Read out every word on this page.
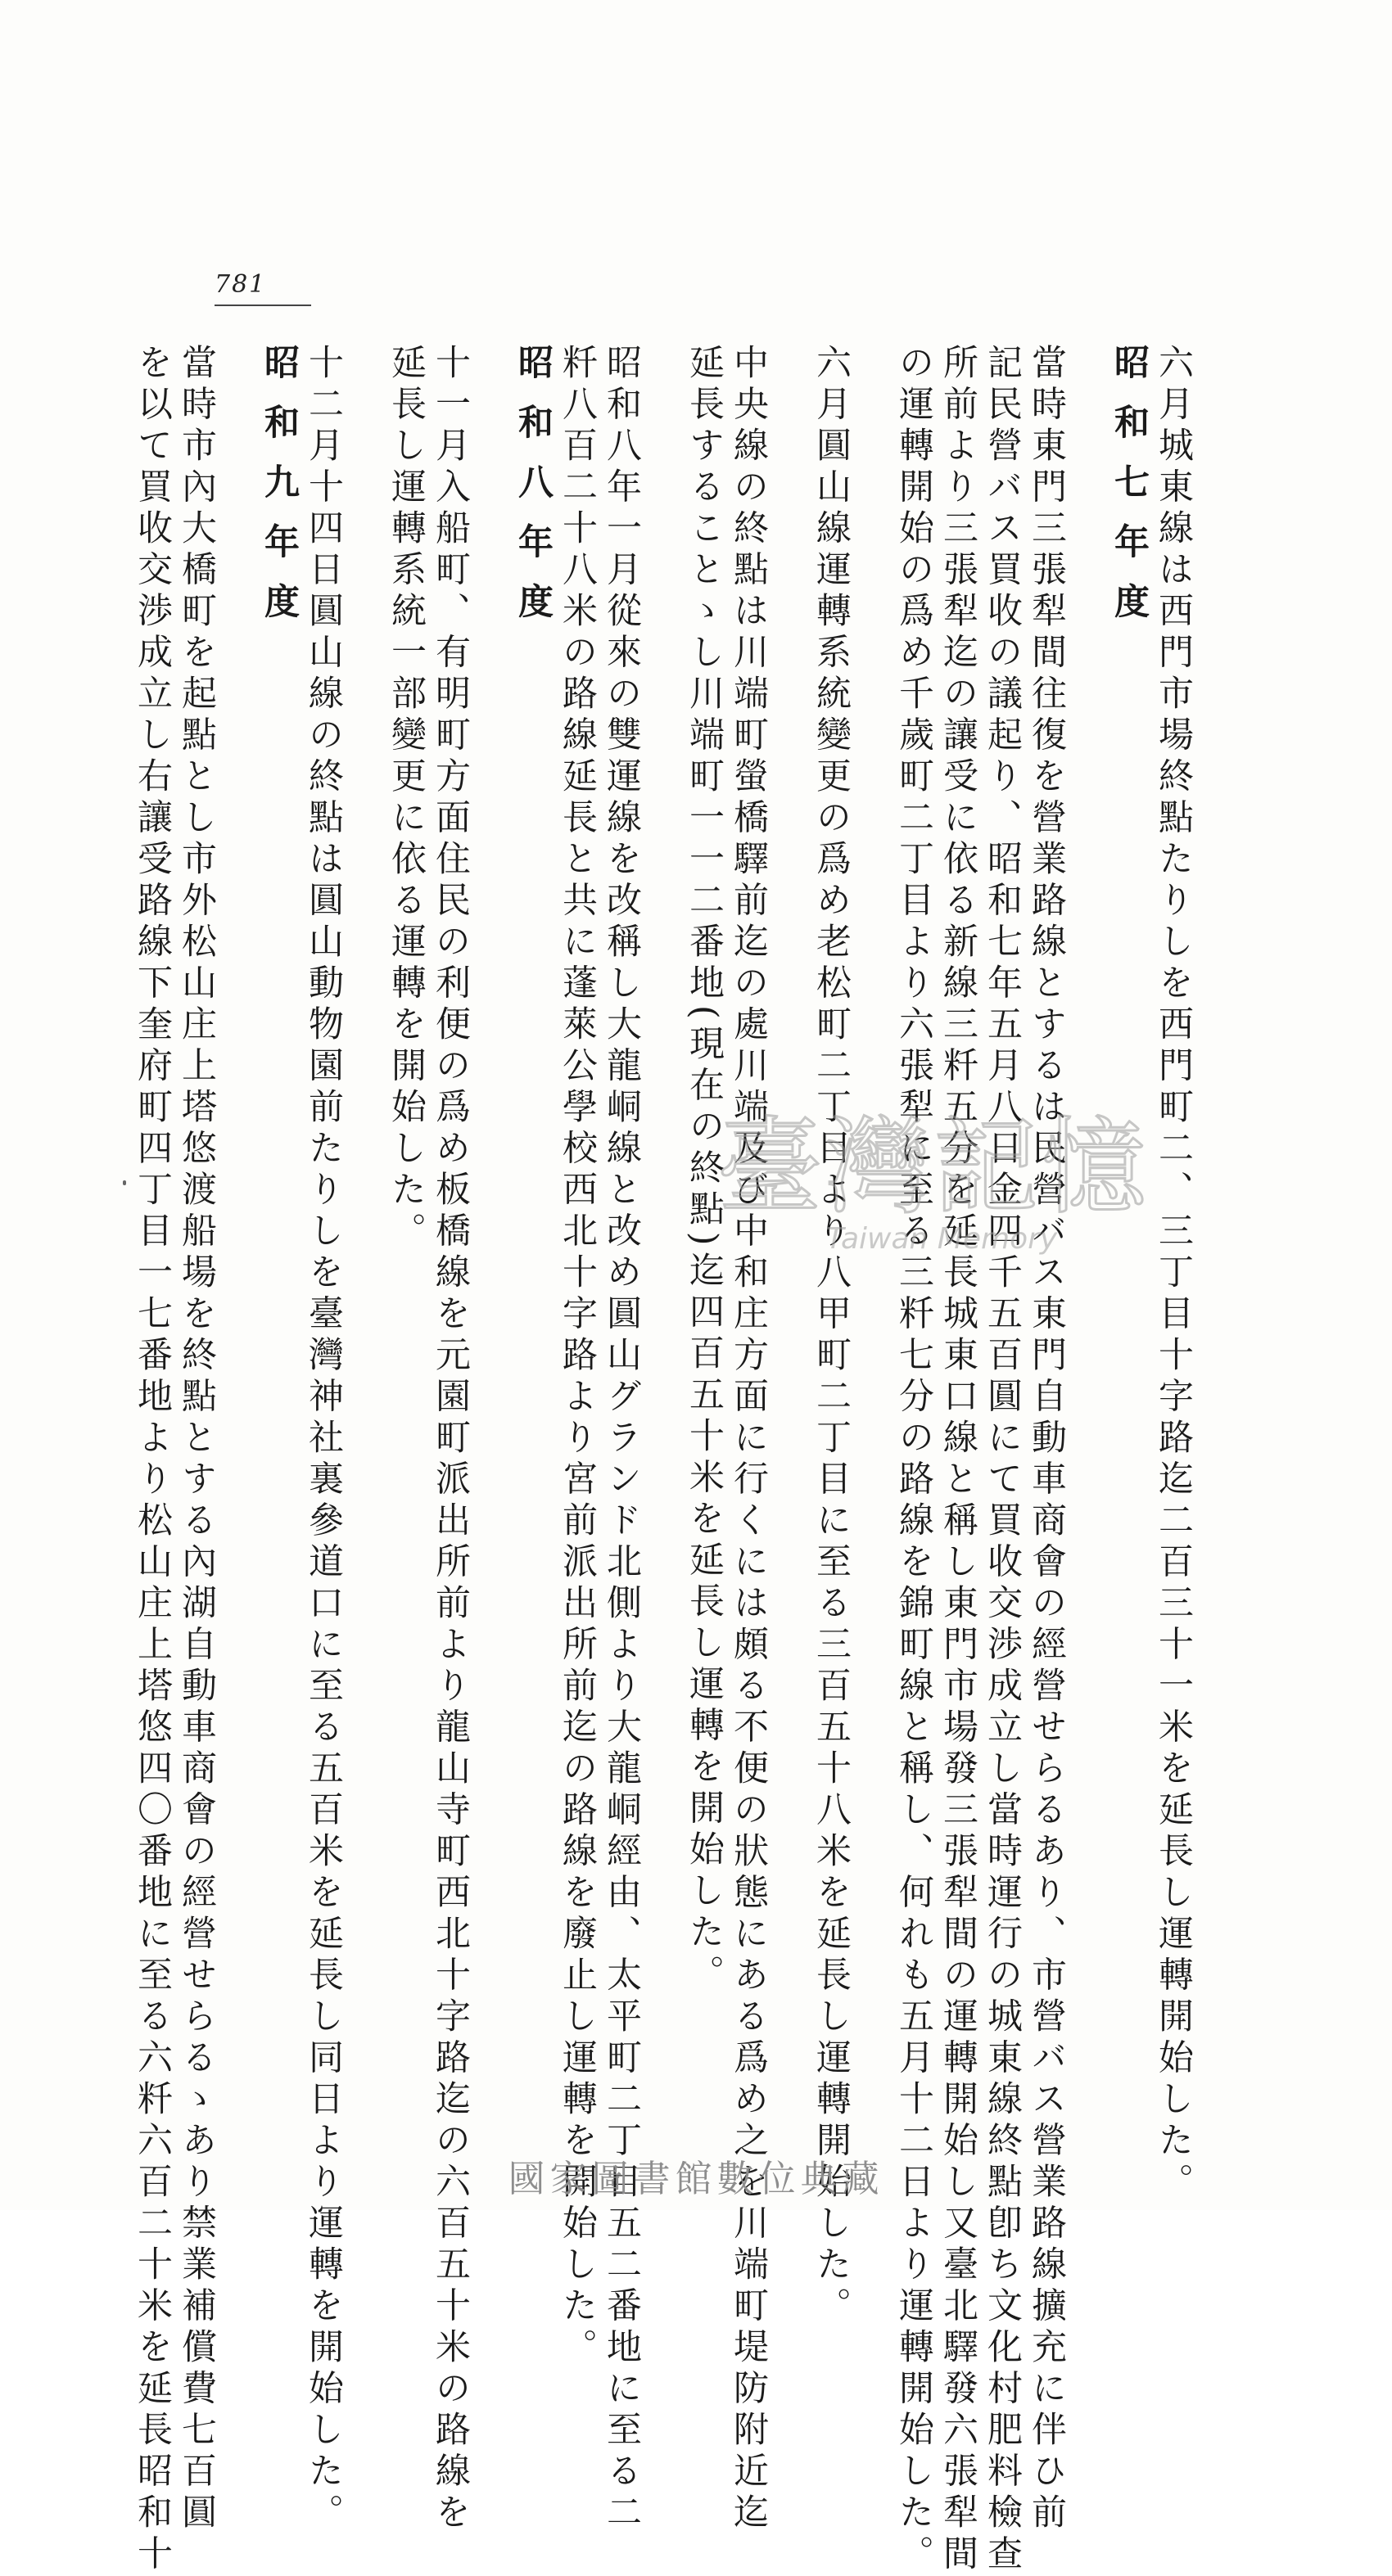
781

六月城東線は西門市場終點たりしを西門町二、三丁目十字路迄二百三十一米を延長し運轉開始した。

昭和七年度

當時東門三張犁間往復を營業路線とするは民營バス東門自動車商會の經營せらるあり、市營バス營業路線擴充に伴ひ前

記民營バス買收の議起り、昭和七年五月八日金四千五百圓にて買收交渉成立し當時運行の城東線終點卽ち文化村肥料檢查

所前より三張犁迄の讓受に依る新線三粁五分を延長城東口線と稱し東門市場發三張犁間の運轉開始し又臺北驛發六張犁間

の運轉開始の爲め千歲町二丁目より六張犁に至る三粁七分の路線を錦町線と稱し、何れも五月十二日より運轉開始した。

六月圓山線運轉系統變更の爲め老松町二丁目より八甲町二丁目に至る三百五十八米を延長し運轉開始した。

中央線の終點は川端町螢橋驛前迄の處川端及び中和庄方面に行くには頗る不便の狀態にある爲め之を川端町堤防附近迄

延長することゝし川端町一一二番地(現在の終點)迄四百五十米を延長し運轉を開始した。

昭和八年一月從來の雙運線を改稱し大龍峒線と改め圓山グランド北側より大龍峒經由、太平町二丁目五二番地に至る二

粁八百二十八米の路線延長と共に蓬萊公學校西北十字路より宮前派出所前迄の路線を廢止し運轉を開始した。

昭和八年度

十一月入船町、有明町方面住民の利便の爲め板橋線を元園町派出所前より龍山寺町西北十字路迄の六百五十米の路線を

延長し運轉系統一部變更に依る運轉を開始した。

十二月十四日圓山線の終點は圓山動物園前たりしを臺灣神社裏參道口に至る五百米を延長し同日より運轉を開始した。

昭和九年度

當時市內大橋町を起點とし市外松山庄上塔悠渡船場を終點とする內湖自動車商會の經營せらるゝあり禁業補償費七百圓

を以て買收交渉成立し右讓受路線下奎府町四丁目一七番地より松山庄上塔悠四〇番地に至る六粁六百二十米を延長昭和十	臺灣記憶
Taiwan Memory
國家圖書館數位典藏
